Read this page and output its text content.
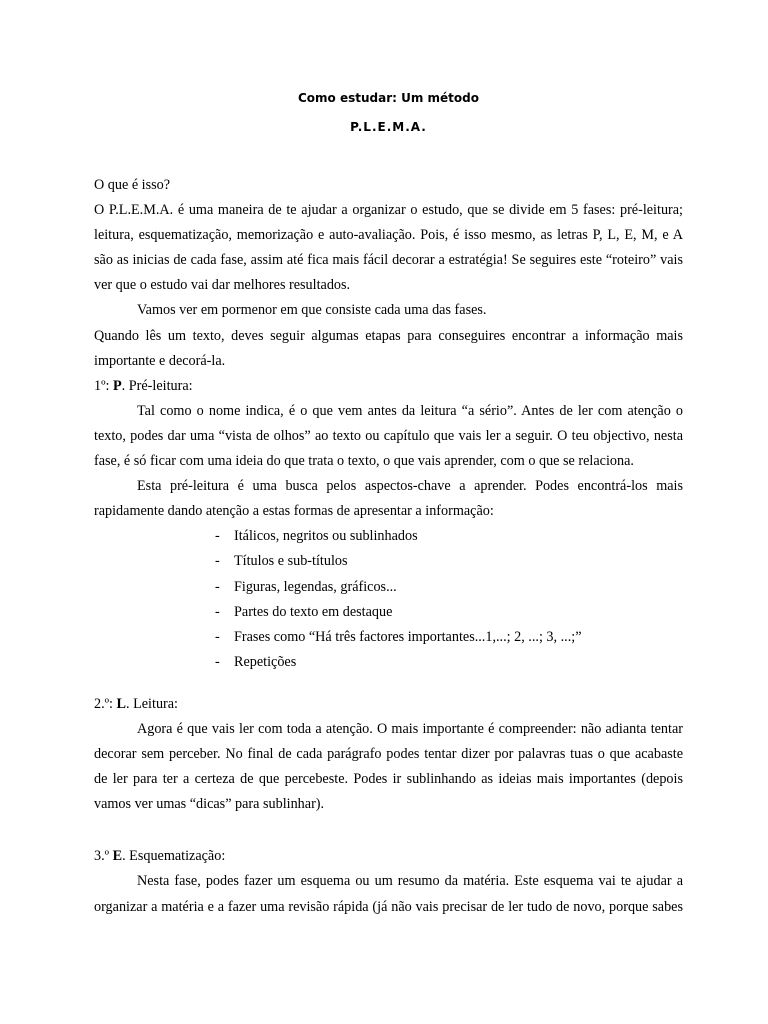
Como estudar: Um método
P.L.E.M.A.
O que é isso?
O P.L.E.M.A. é uma maneira de te ajudar a organizar o estudo, que se divide em 5 fases: pré-leitura;
leitura, esquematização, memorização e auto-avaliação. Pois, é isso mesmo, as letras P, L, E, M, e A
são as inicias de cada fase, assim até fica mais fácil decorar a estratégia! Se seguires este “roteiro” vais
ver que o estudo vai dar melhores resultados.
Vamos ver em pormenor em que consiste cada uma das fases.
Quando lês um texto, deves seguir algumas etapas para conseguires encontrar a informação mais
importante e decorá-la.
1º: P. Pré-leitura:
Tal como o nome indica, é o que vem antes da leitura “a sério”. Antes de ler com atenção o
texto, podes dar uma “vista de olhos” ao texto ou capítulo que vais ler a seguir. O teu objectivo, nesta
fase, é só ficar com uma ideia do que trata o texto, o que vais aprender, com o que se relaciona.
Esta pré-leitura é uma busca pelos aspectos-chave a aprender. Podes encontrá-los mais
rapidamente dando atenção a estas formas de apresentar a informação:
- Itálicos, negritos ou sublinhados
- Títulos e sub-títulos
- Figuras, legendas, gráficos...
- Partes do texto em destaque
- Frases como “Há três factores importantes...1,...; 2, ...; 3, ...;”
- Repetições
2.º: L. Leitura:
Agora é que vais ler com toda a atenção. O mais importante é compreender: não adianta tentar
decorar sem perceber. No final de cada parágrafo podes tentar dizer por palavras tuas o que acabaste
de ler para ter a certeza de que percebeste. Podes ir sublinhando as ideias mais importantes (depois
vamos ver umas “dicas” para sublinhar).
3.º E. Esquematização:
Nesta fase, podes fazer um esquema ou um resumo da matéria. Este esquema vai te ajudar a
organizar a matéria e a fazer uma revisão rápida (já não vais precisar de ler tudo de novo, porque sabes
